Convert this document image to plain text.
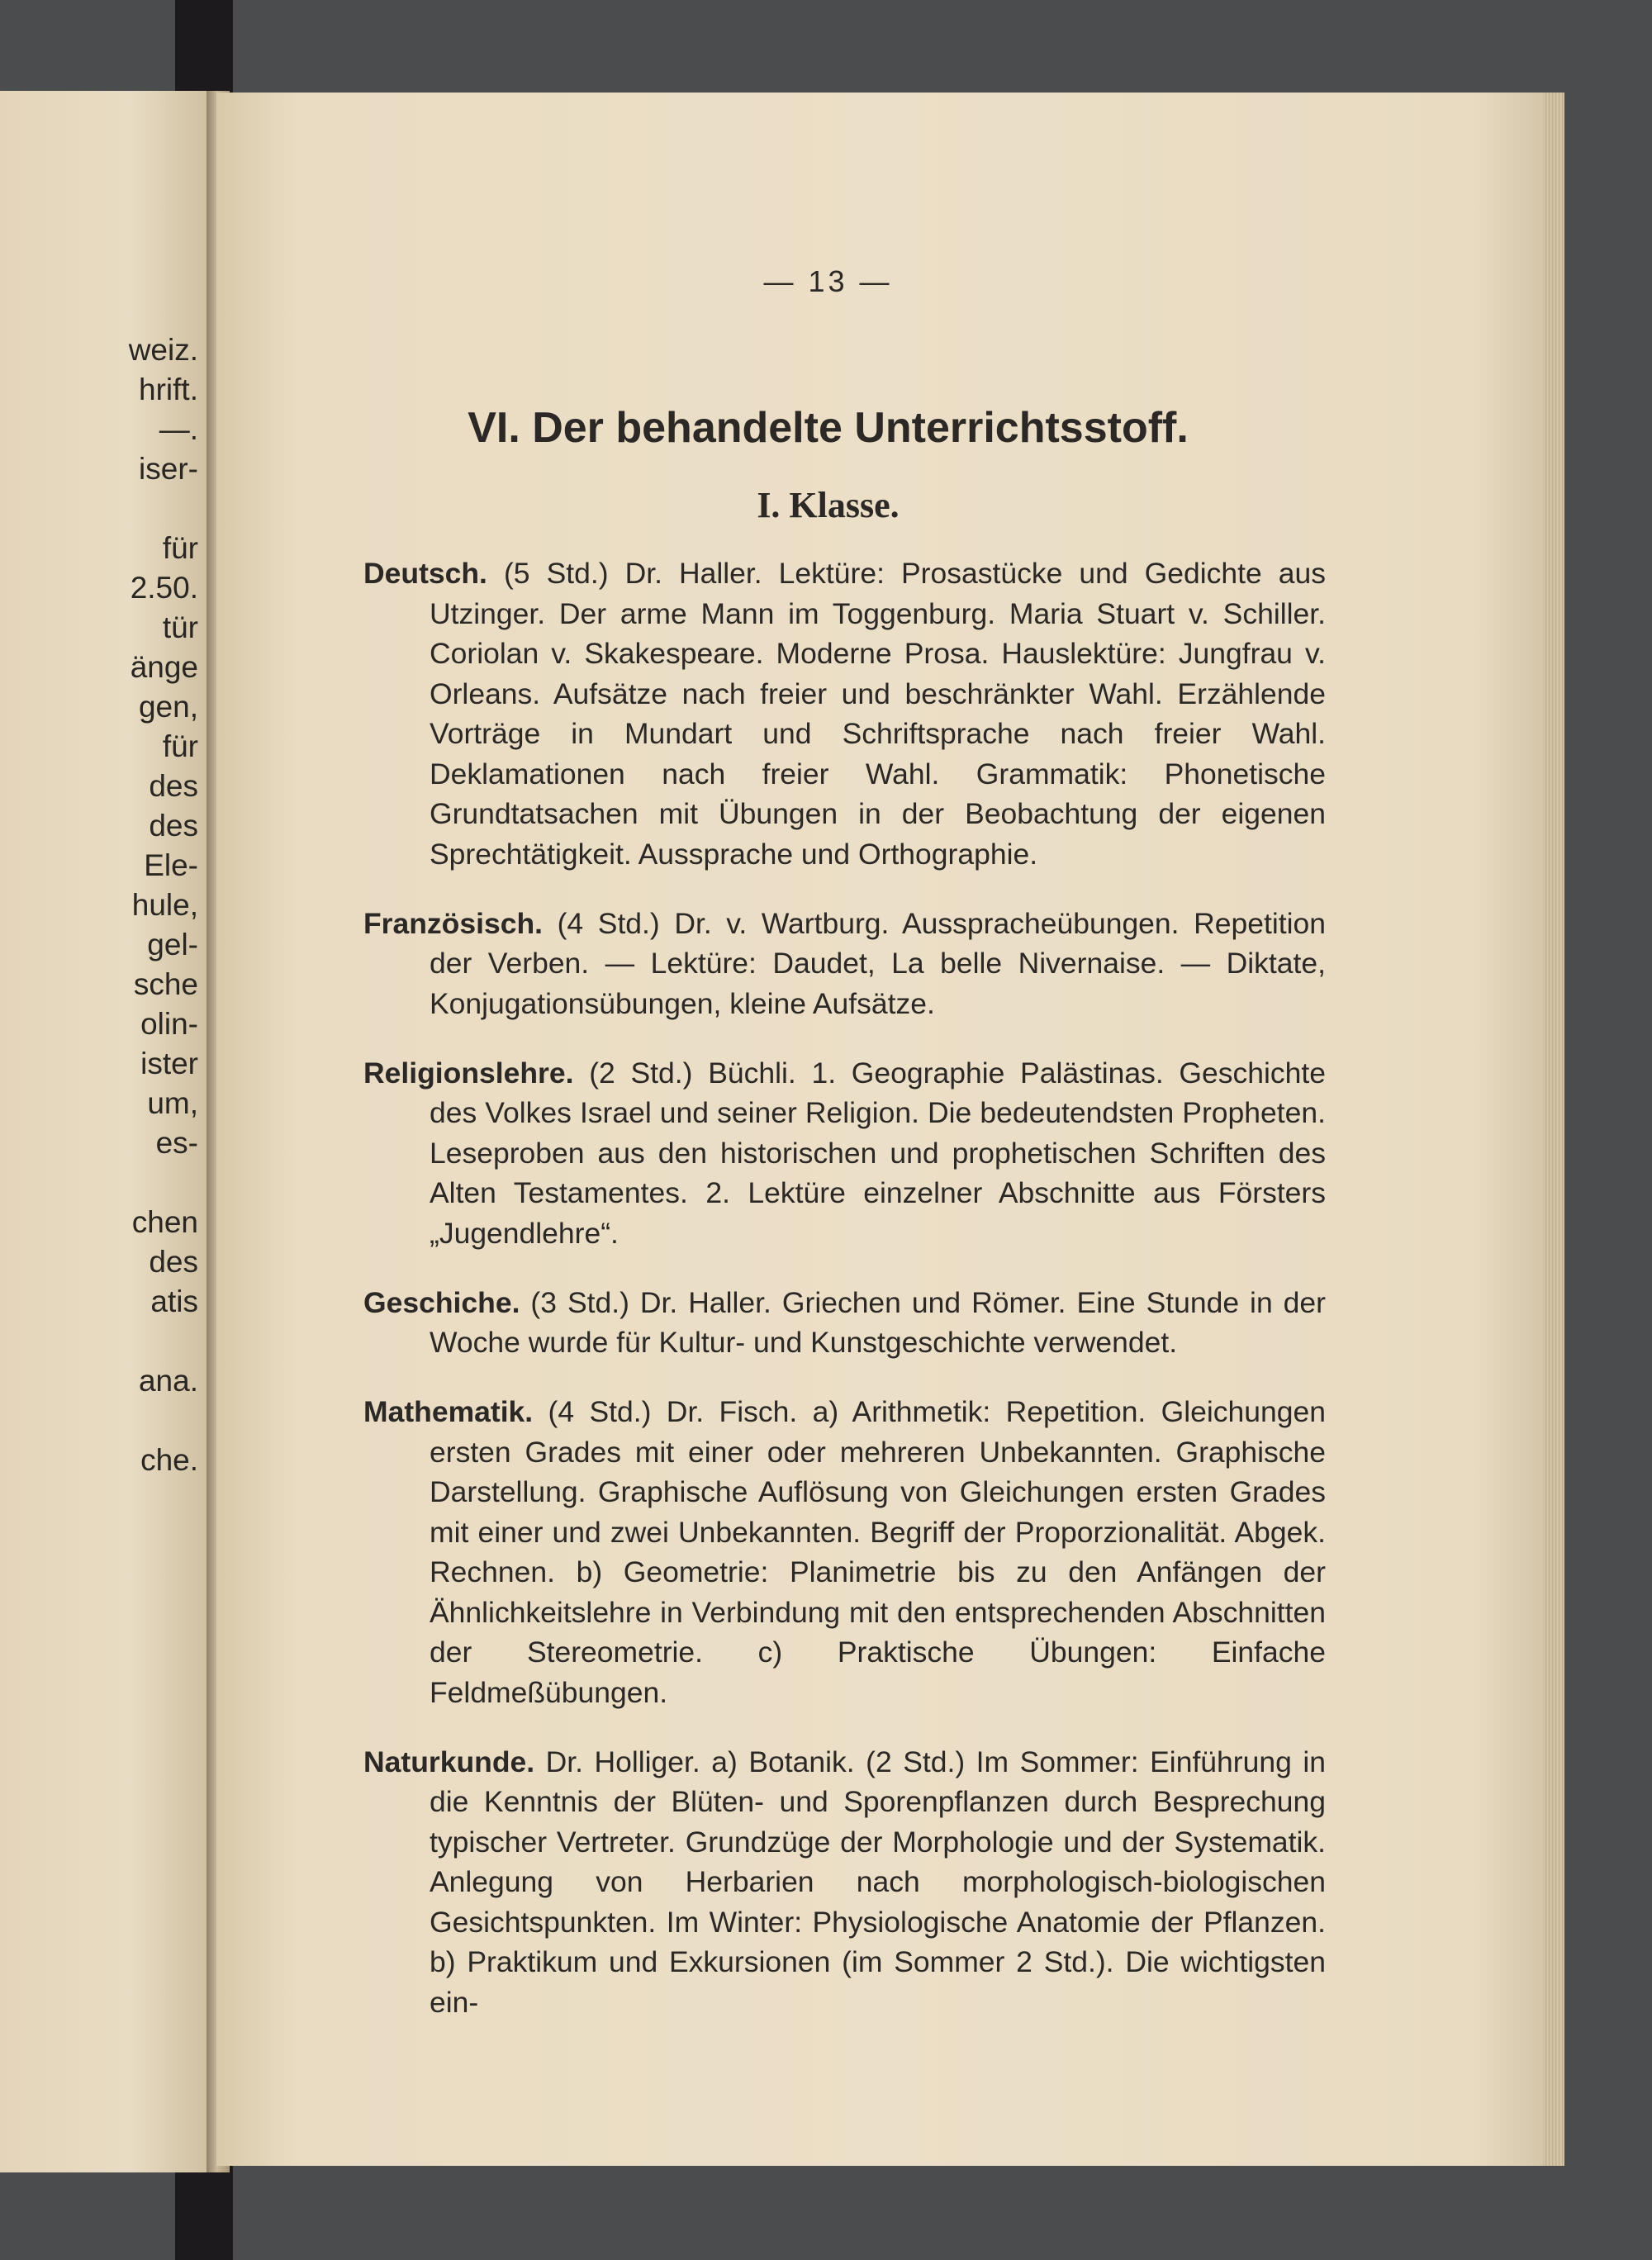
weiz.
hrift.
—.
iser-

für
2.50.
tür
änge
gen,
für
des
des
Ele-
hule,
gel-
sche
olin-
ister
um,
es-

chen
des
atis

ana.

che.
— 13 —
VI. Der behandelte Unterrichtsstoff.
I. Klasse.

Deutsch. (5 Std.) Dr. Haller. Lektüre: Prosastücke und Gedichte aus Utzinger. Der arme Mann im Toggenburg. Maria Stuart v. Schiller. Coriolan v. Skakespeare. Moderne Prosa. Hauslektüre: Jungfrau v. Orleans. Aufsätze nach freier und beschränkter Wahl. Erzählende Vorträge in Mundart und Schriftsprache nach freier Wahl. Deklamationen nach freier Wahl. Grammatik: Phonetische Grundtatsachen mit Übungen in der Beobachtung der eigenen Sprechtätigkeit. Aussprache und Orthographie.

Französisch. (4 Std.) Dr. v. Wartburg. Ausspracheübungen. Repetition der Verben. — Lektüre: Daudet, La belle Nivernaise. — Diktate, Konjugationsübungen, kleine Aufsätze.

Religionslehre. (2 Std.) Büchli. 1. Geographie Palästinas. Geschichte des Volkes Israel und seiner Religion. Die bedeutendsten Propheten. Leseproben aus den historischen und prophetischen Schriften des Alten Testamentes. 2. Lektüre einzelner Abschnitte aus Försters „Jugendlehre“.

Geschiche. (3 Std.) Dr. Haller. Griechen und Römer. Eine Stunde in der Woche wurde für Kultur- und Kunstgeschichte verwendet.

Mathematik. (4 Std.) Dr. Fisch. a) Arithmetik: Repetition. Gleichungen ersten Grades mit einer oder mehreren Unbekannten. Graphische Darstellung. Graphische Auflösung von Gleichungen ersten Grades mit einer und zwei Unbekannten. Begriff der Proporzionalität. Abgek. Rechnen. b) Geometrie: Planimetrie bis zu den Anfängen der Ähnlichkeitslehre in Verbindung mit den entsprechenden Abschnitten der Stereometrie. c) Praktische Übungen: Einfache Feldmeßübungen.

Naturkunde. Dr. Holliger. a) Botanik. (2 Std.) Im Sommer: Einführung in die Kenntnis der Blüten- und Sporenpflanzen durch Besprechung typischer Vertreter. Grundzüge der Morphologie und der Systematik. Anlegung von Herbarien nach morphologisch-biologischen Gesichtspunkten. Im Winter: Physiologische Anatomie der Pflanzen. b) Praktikum und Exkursionen (im Sommer 2 Std.). Die wichtigsten ein-
